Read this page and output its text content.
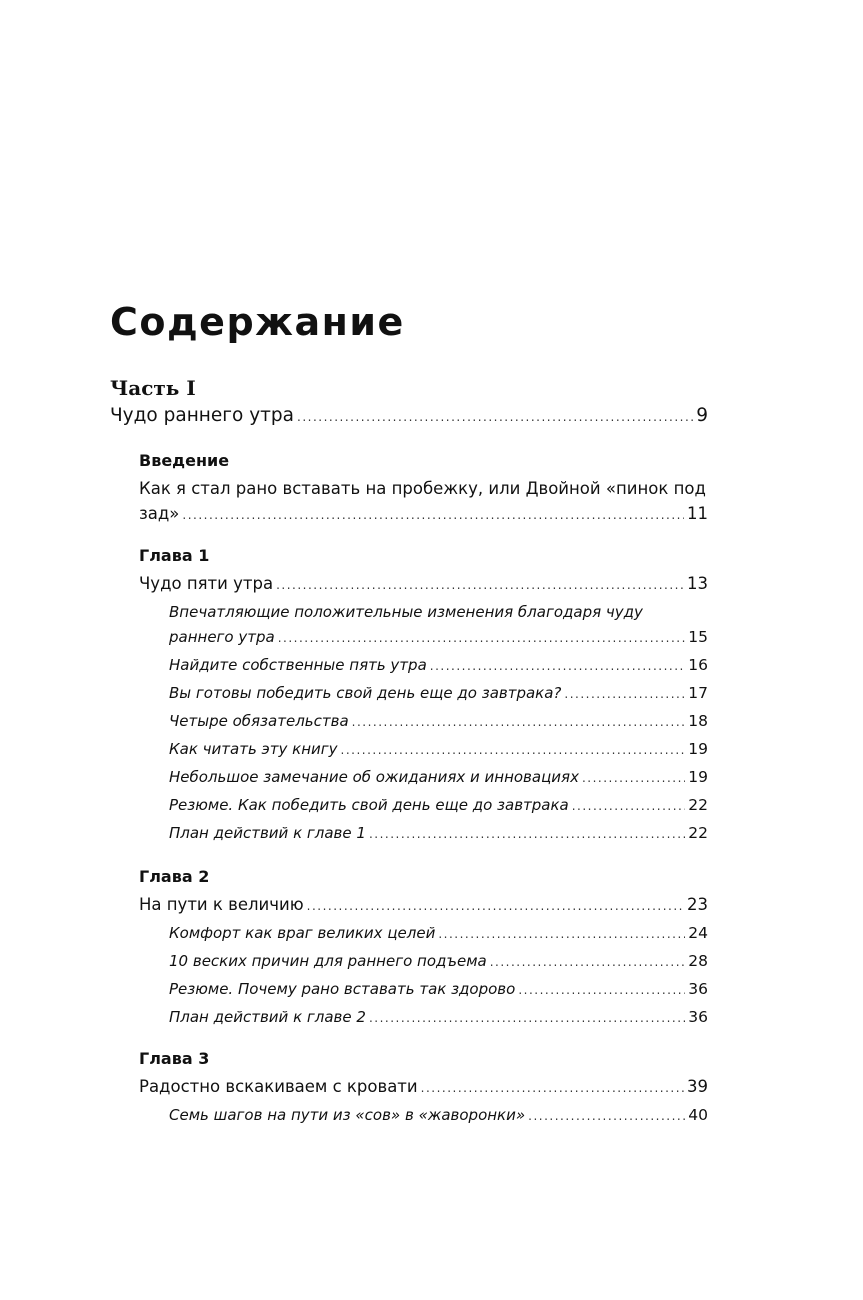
Содержание
Часть I
Чудо раннего утра .....	9
Введение
Как я стал рано вставать на пробежку, или Двойной «пинок под
зад» .....	11
Глава 1
Чудо пяти утра .....	13
Впечатляющие положительные изменения благодаря чуду
раннего утра .....	15
Найдите собственные пять утра .....	16
Вы готовы победить свой день еще до завтрака? .....	17
Четыре обязательства .....	18
Как читать эту книгу .....	19
Небольшое замечание об ожиданиях и инновациях .....	19
Резюме. Как победить свой день еще до завтрака .....	22
План действий к главе 1 .....	22
Глава 2
На пути к величию .....	23
Комфорт как враг великих целей .....	24
10 веских причин для раннего подъема .....	28
Резюме. Почему рано вставать так здорово .....	36
План действий к главе 2 .....	36
Глава 3
Радостно вскакиваем с кровати .....	39
Семь шагов на пути из «сов» в «жаворонки» .....	40
